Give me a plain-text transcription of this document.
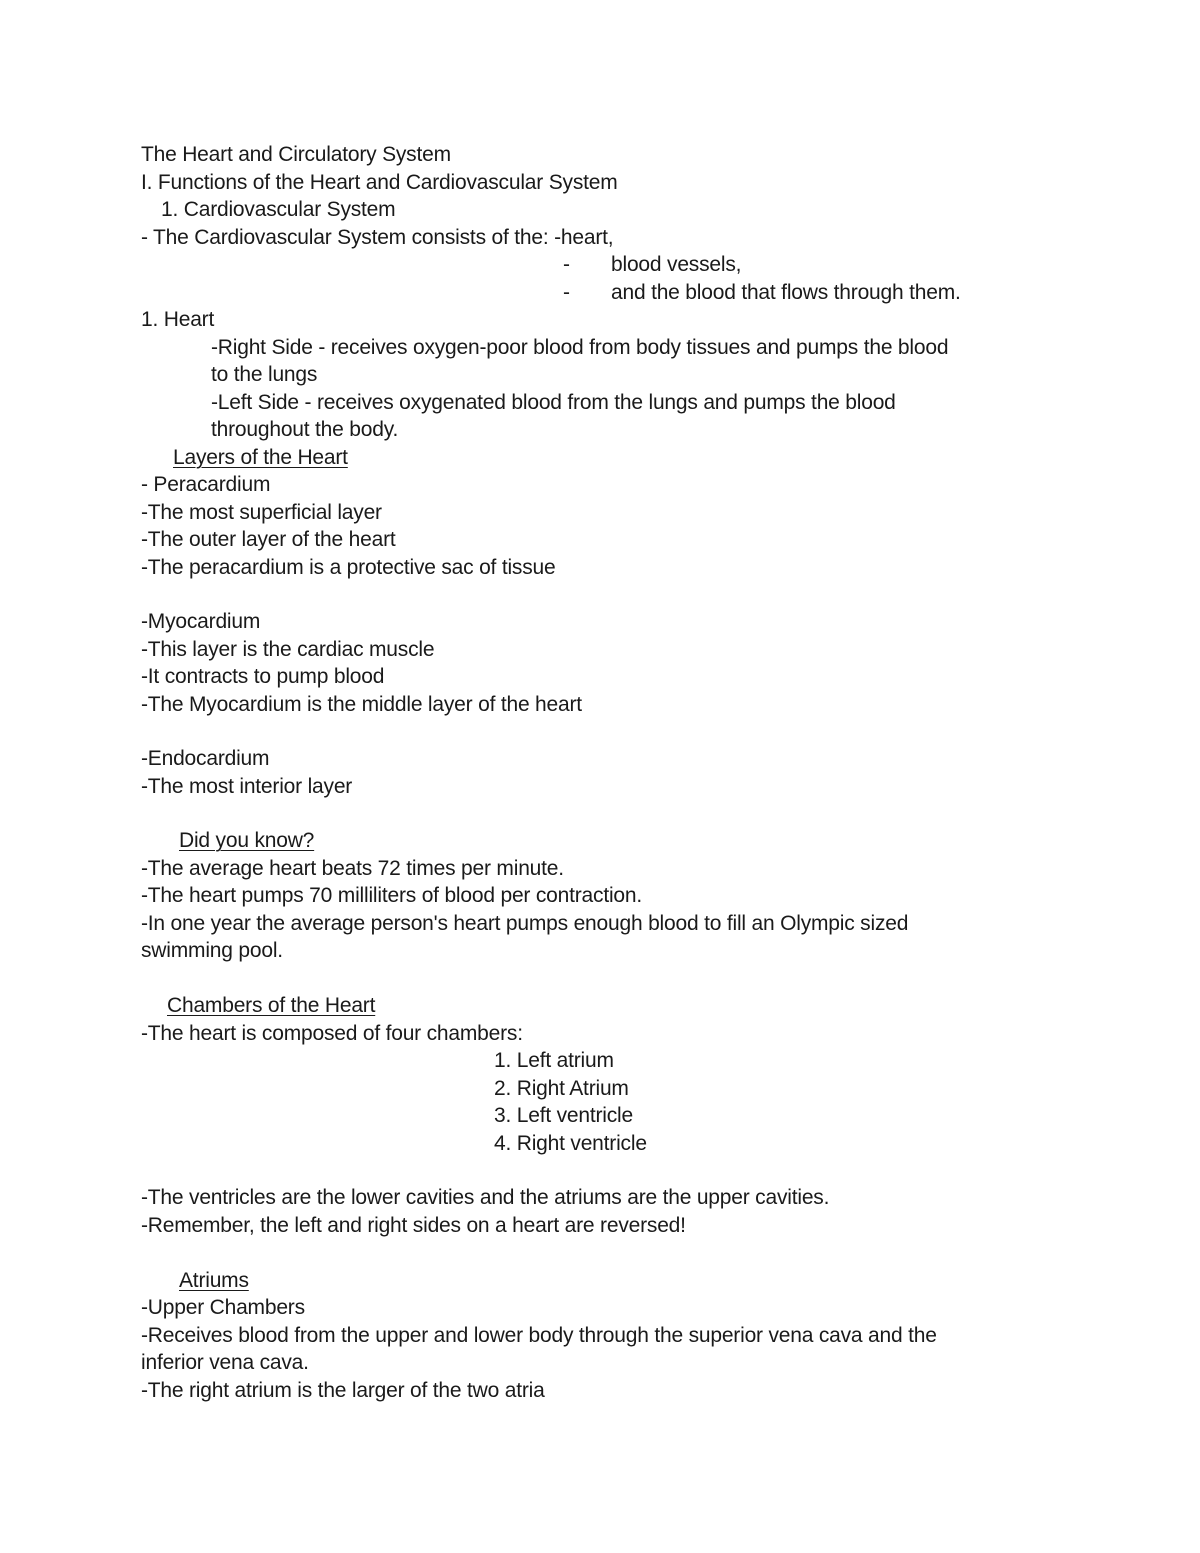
The Heart and Circulatory System
I. Functions of the Heart and Cardiovascular System
1. Cardiovascular System
- The Cardiovascular System consists of the: -heart,
- blood vessels,
- and the blood that flows through them.
1. Heart
-Right Side - receives oxygen-poor blood from body tissues and pumps the blood
to the lungs
-Left Side - receives oxygenated blood from the lungs and pumps the blood
throughout the body.
Layers of the Heart
- Peracardium
-The most superficial layer
-The outer layer of the heart
-The peracardium is a protective sac of tissue
-Myocardium
-This layer is the cardiac muscle
-It contracts to pump blood
-The Myocardium is the middle layer of the heart
-Endocardium
-The most interior layer
Did you know?
-The average heart beats 72 times per minute.
-The heart pumps 70 milliliters of blood per contraction.
-In one year the average person's heart pumps enough blood to fill an Olympic sized
swimming pool.
Chambers of the Heart
-The heart is composed of four chambers:
1. Left atrium
2. Right Atrium
3. Left ventricle
4. Right ventricle
-The ventricles are the lower cavities and the atriums are the upper cavities.
-Remember, the left and right sides on a heart are reversed!
Atriums
-Upper Chambers
-Receives blood from the upper and lower body through the superior vena cava and the
inferior vena cava.
-The right atrium is the larger of the two atria
